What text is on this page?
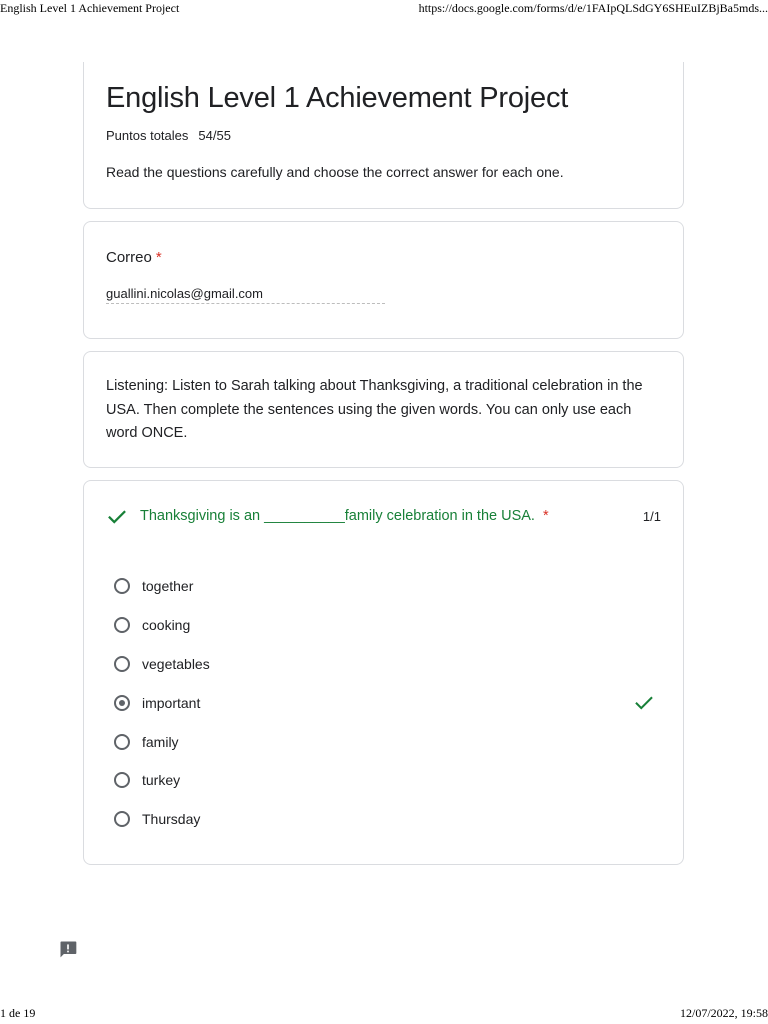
English Level 1 Achievement Project	https://docs.google.com/forms/d/e/1FAIpQLSdGY6SHEuIZBjBa5mds...
English Level 1 Achievement Project
Puntos totales 54/55
Read the questions carefully and choose the correct answer for each one.
Correo *
guallini.nicolas@gmail.com
Listening: Listen to Sarah talking about Thanksgiving, a traditional celebration in the USA. Then complete the sentences using the given words. You can only use each word ONCE.
Thanksgiving is an __________family celebration in the USA. *	1/1
together
cooking
vegetables
important
family
turkey
Thursday
1 de 19	12/07/2022, 19:58
